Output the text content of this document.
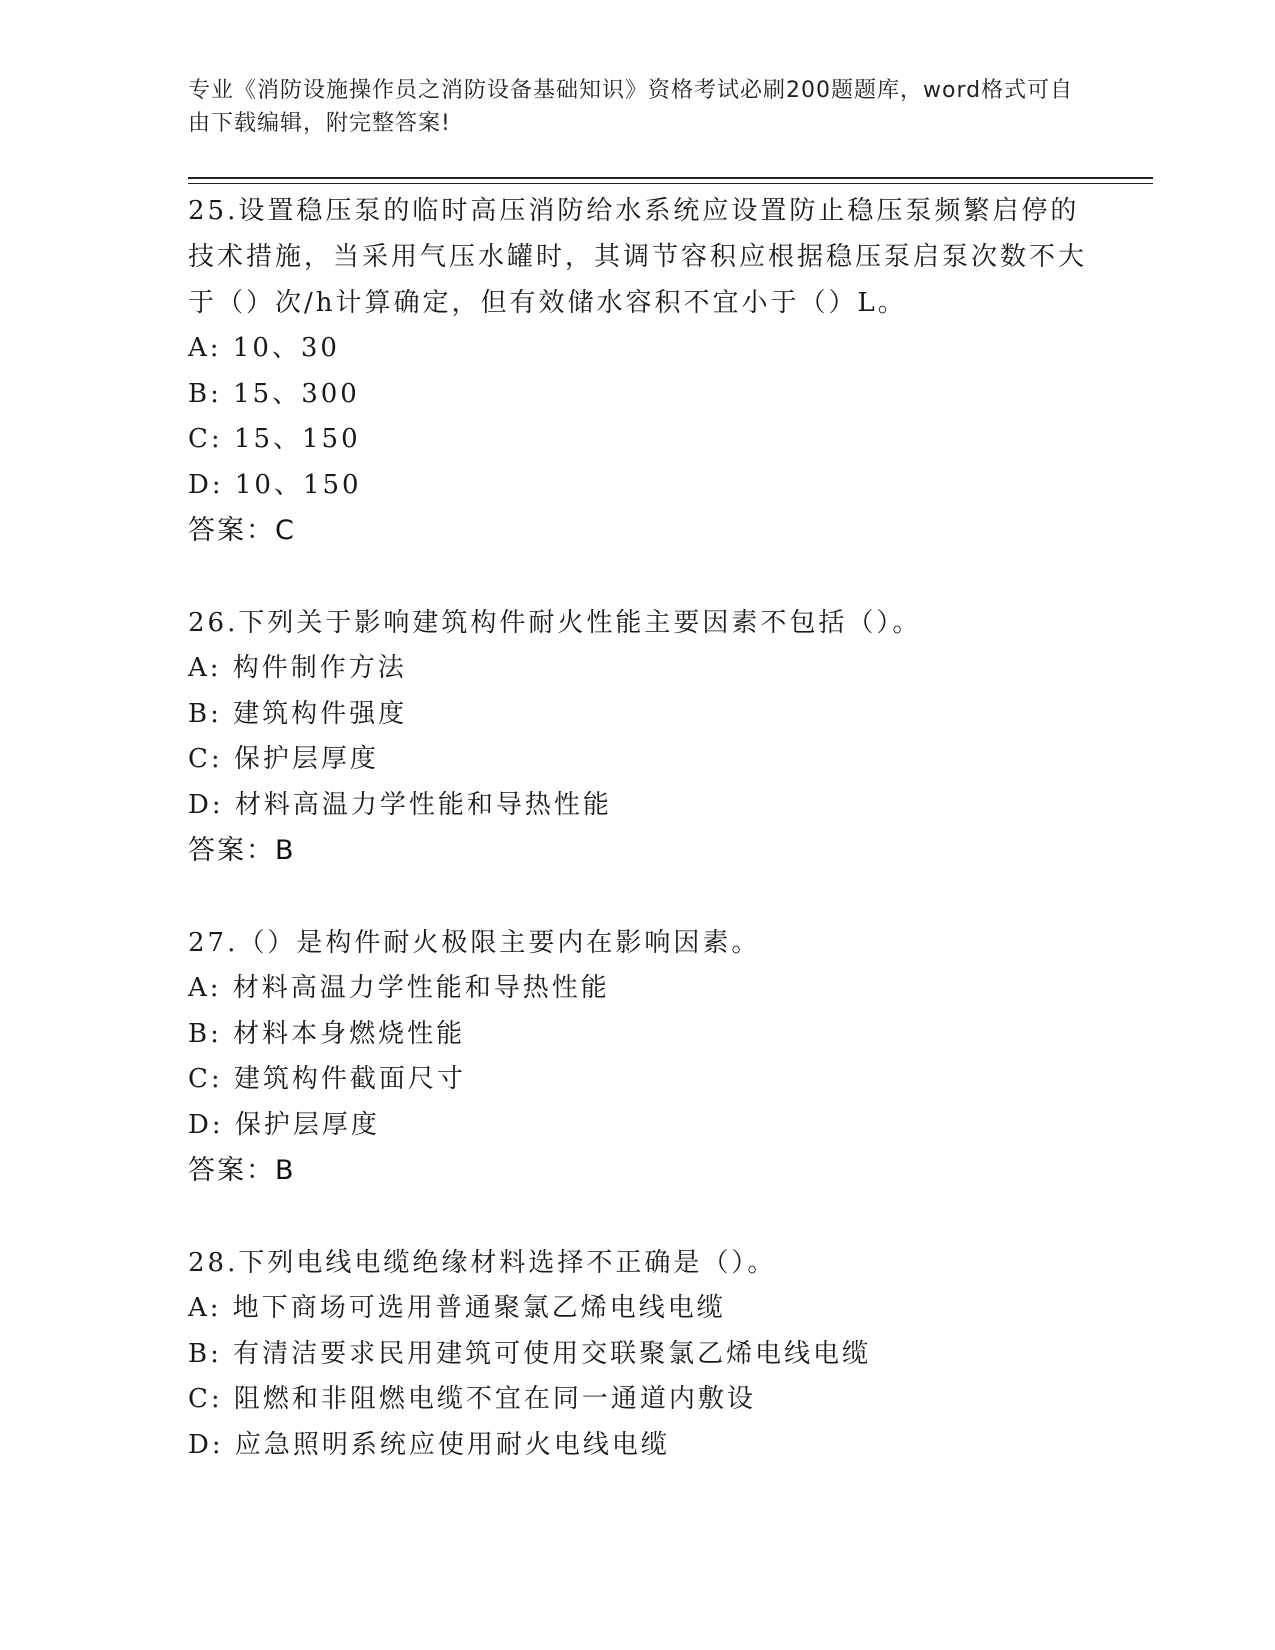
专业《消防设施操作员之消防设备基础知识》资格考试必刷200题题库，word格式可自由下载编辑，附完整答案!
25.设置稳压泵的临时高压消防给水系统应设置防止稳压泵频繁启停的技术措施，当采用气压水罐时，其调节容积应根据稳压泵启泵次数不大于（）次/h计算确定，但有效储水容积不宜小于（）L。
A: 10、30
B: 15、300
C: 15、150
D: 10、150
答案：C
26.下列关于影响建筑构件耐火性能主要因素不包括（）。
A: 构件制作方法
B: 建筑构件强度
C: 保护层厚度
D: 材料高温力学性能和导热性能
答案：B
27.（）是构件耐火极限主要内在影响因素。
A: 材料高温力学性能和导热性能
B: 材料本身燃烧性能
C: 建筑构件截面尺寸
D: 保护层厚度
答案：B
28.下列电线电缆绝缘材料选择不正确是（）。
A: 地下商场可选用普通聚氯乙烯电线电缆
B: 有清洁要求民用建筑可使用交联聚氯乙烯电线电缆
C: 阻燃和非阻燃电缆不宜在同一通道内敷设
D: 应急照明系统应使用耐火电线电缆
